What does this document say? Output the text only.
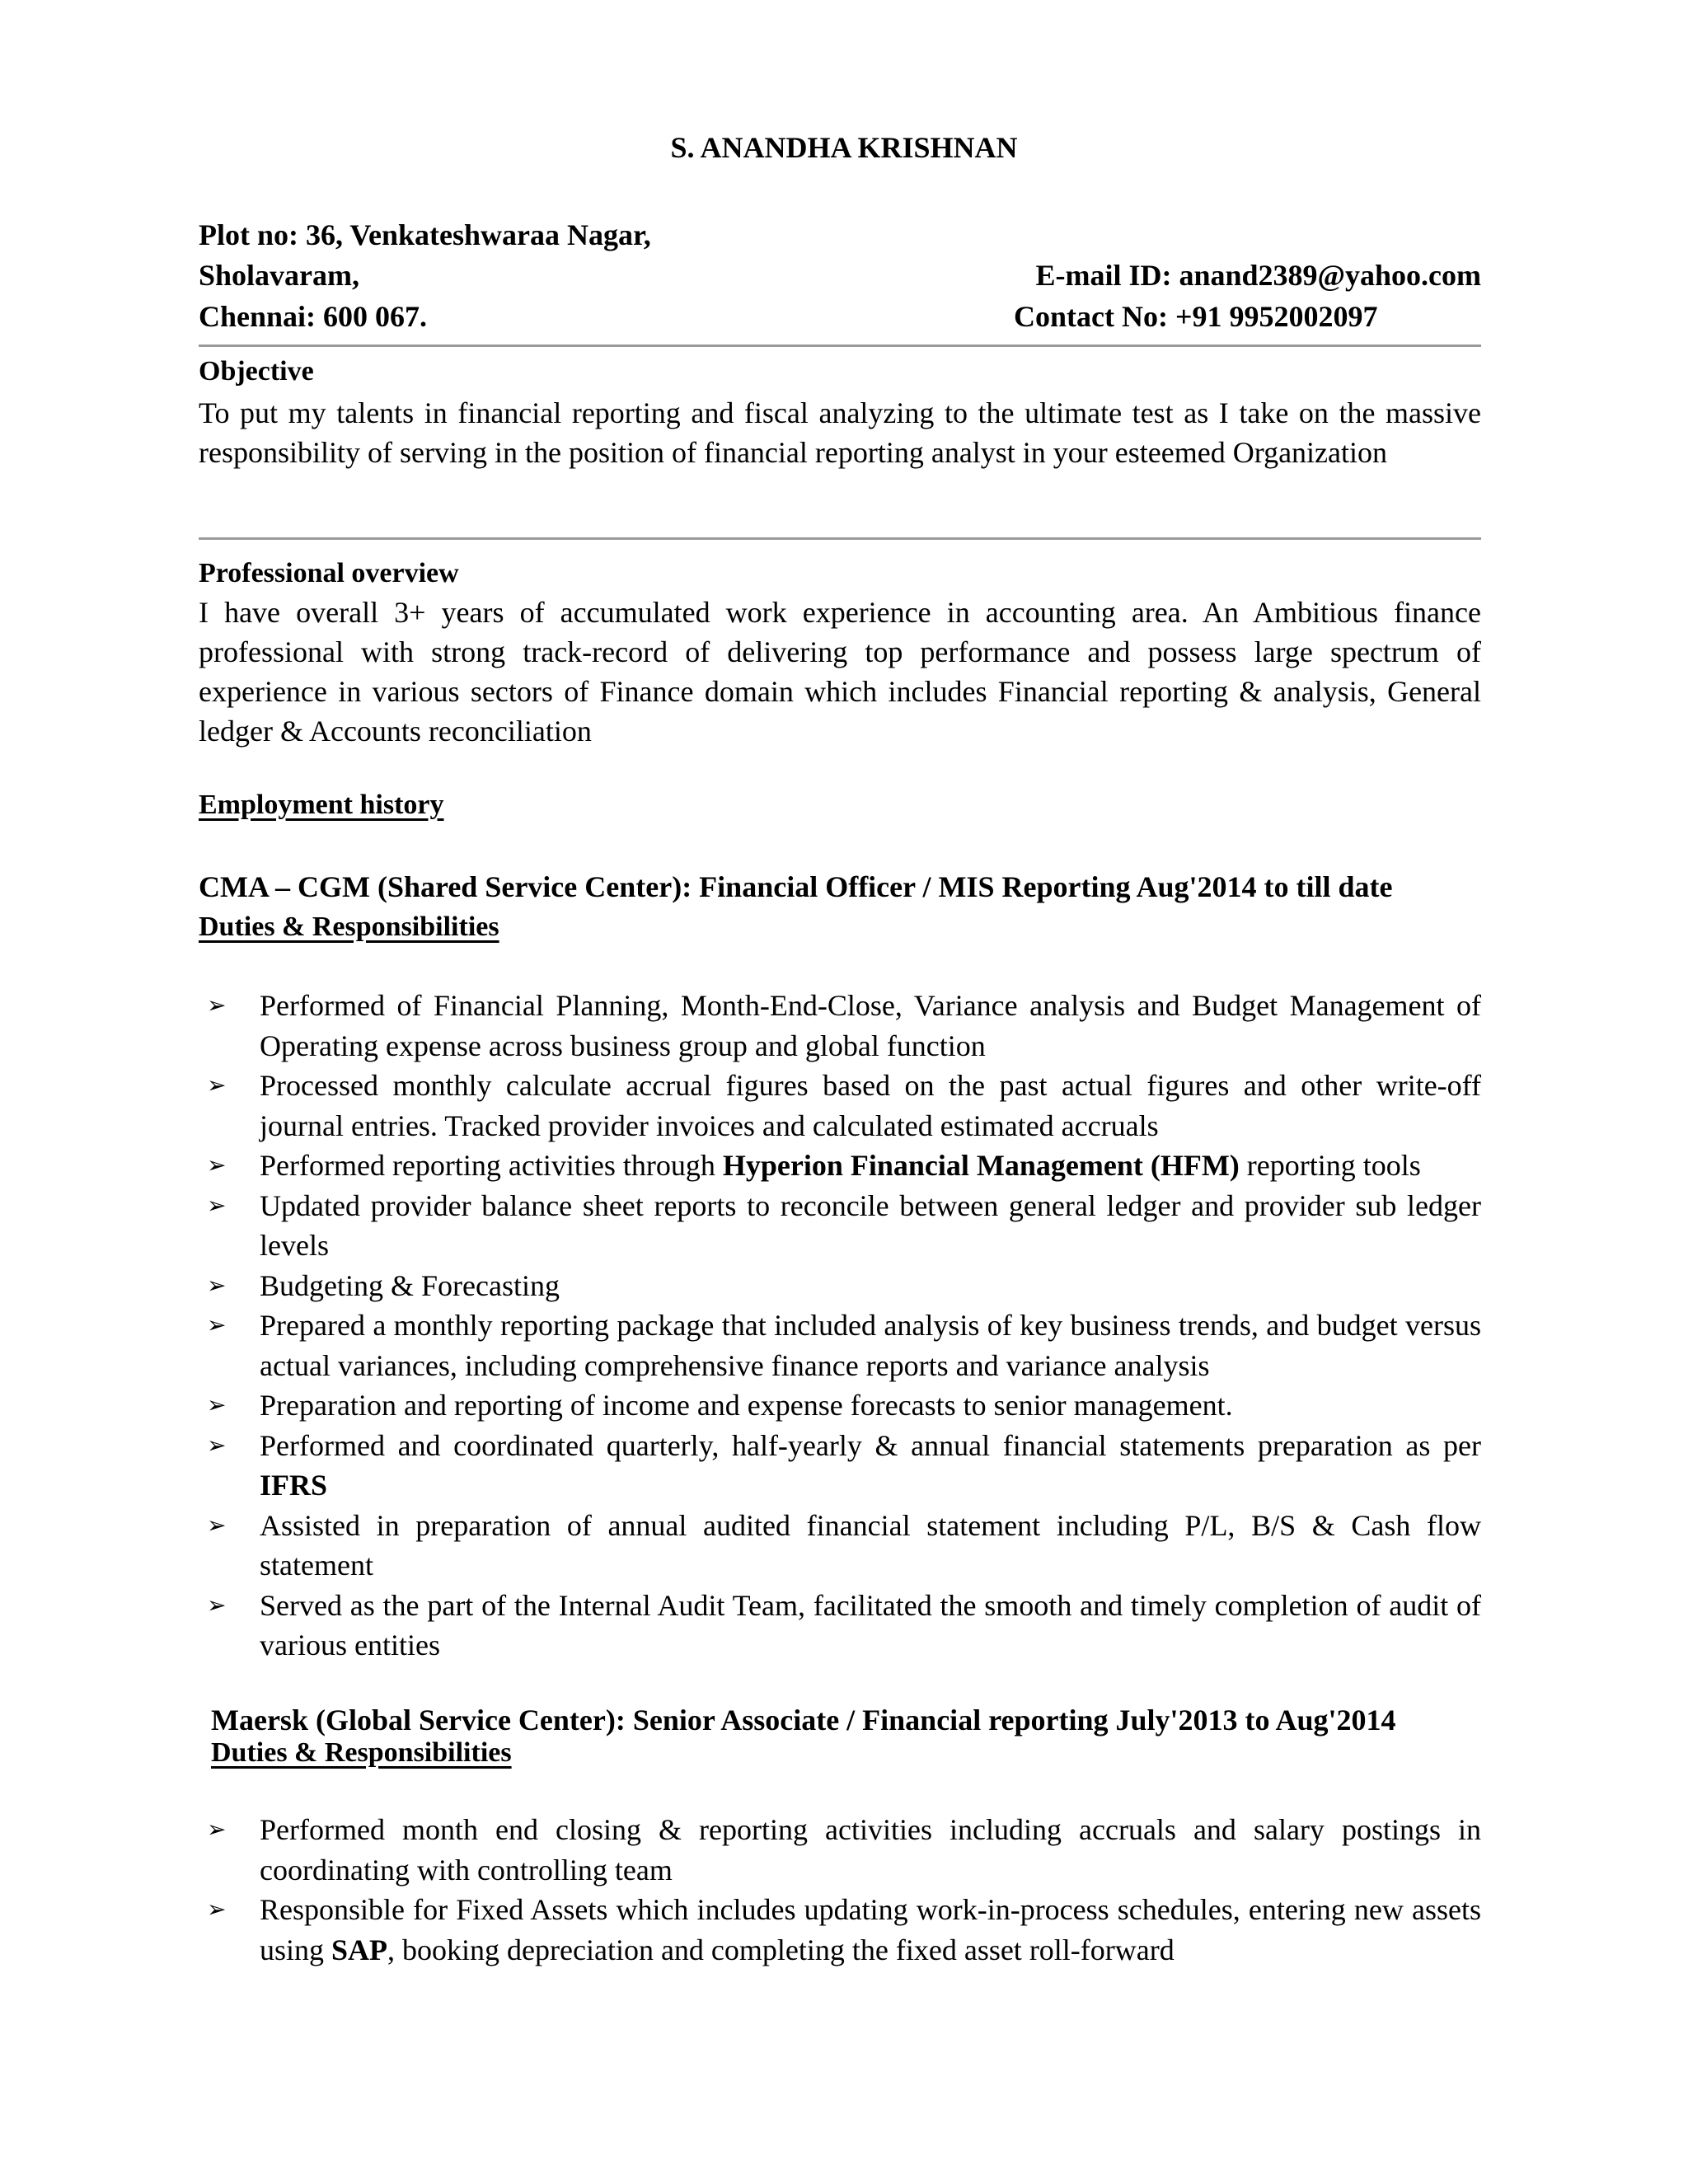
S. ANANDHA KRISHNAN
Plot no: 36, Venkateshwaraa Nagar,
Sholavaram,
Chennai: 600 067.
E-mail ID: anand2389@yahoo.com
Contact No: +91 9952002097
Objective
To put my talents in financial reporting and fiscal analyzing to the ultimate test as I take on the massive responsibility of serving in the position of financial reporting analyst in your esteemed Organization
Professional overview
I have overall 3+ years of accumulated work experience in accounting area. An Ambitious finance professional with strong track-record of delivering top performance and possess large spectrum of experience in various sectors of Finance domain which includes Financial reporting & analysis, General ledger & Accounts reconciliation
Employment history
CMA – CGM (Shared Service Center): Financial Officer / MIS Reporting Aug'2014 to till date
Duties & Responsibilities
➢ Performed of Financial Planning, Month-End-Close, Variance analysis and Budget Management of Operating expense across business group and global function
➢ Processed monthly calculate accrual figures based on the past actual figures and other write-off journal entries. Tracked provider invoices and calculated estimated accruals
➢ Performed reporting activities through Hyperion Financial Management (HFM) reporting tools
➢ Updated provider balance sheet reports to reconcile between general ledger and provider sub ledger levels
➢ Budgeting & Forecasting
➢ Prepared a monthly reporting package that included analysis of key business trends, and budget versus actual variances, including comprehensive finance reports and variance analysis
➢ Preparation and reporting of income and expense forecasts to senior management.
➢ Performed and coordinated quarterly, half-yearly & annual financial statements preparation as per IFRS
➢ Assisted in preparation of annual audited financial statement including P/L, B/S & Cash flow statement
➢ Served as the part of the Internal Audit Team, facilitated the smooth and timely completion of audit of various entities
Maersk (Global Service Center): Senior Associate / Financial reporting July'2013 to Aug'2014
Duties & Responsibilities
➢ Performed month end closing & reporting activities including accruals and salary postings in coordinating with controlling team
➢ Responsible for Fixed Assets which includes updating work-in-process schedules, entering new assets using SAP, booking depreciation and completing the fixed asset roll-forward
